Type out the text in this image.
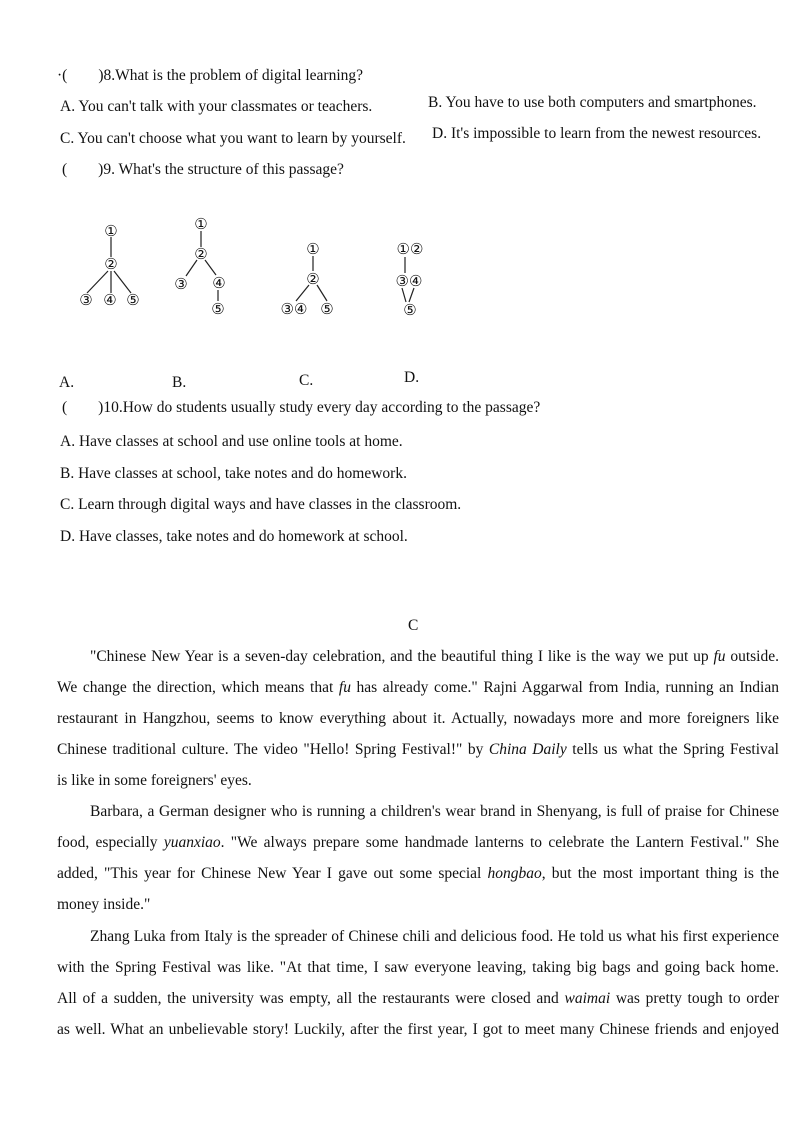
·(　　)8.What is the problem of digital learning?
A. You can't talk with your classmates or teachers.	B. You have to use both computers and smartphones.
C. You can't choose what you want to learn by yourself. D. It's impossible to learn from the newest resources.
(　　)9. What's the structure of this passage?
①
②
③ ④ ⑤
①
②
③ ④
⑤
①
②
③④ ⑤
①②
③④
⑤
A.	B.	C.	D.
(　　)10.How do students usually study every day according to the passage?
A. Have classes at school and use online tools at home.
B. Have classes at school, take notes and do homework.
C. Learn through digital ways and have classes in the classroom.
D. Have classes, take notes and do homework at school.
C
"Chinese New Year is a seven-day celebration, and the beautiful thing I like is the way we put up fu outside.
We change the direction, which means that fu has already come." Rajni Aggarwal from India, running an Indian
restaurant in Hangzhou, seems to know everything about it. Actually, nowadays more and more foreigners like
Chinese traditional culture. The video "Hello! Spring Festival!" by China Daily tells us what the Spring Festival
is like in some foreigners' eyes.
Barbara, a German designer who is running a children's wear brand in Shenyang, is full of praise for Chinese
food, especially yuanxiao. "We always prepare some handmade lanterns to celebrate the Lantern Festival." She
added, "This year for Chinese New Year I gave out some special hongbao, but the most important thing is the
money inside."
Zhang Luka from Italy is the spreader of Chinese chili and delicious food. He told us what his first experience
with the Spring Festival was like. "At that time, I saw everyone leaving, taking big bags and going back home.
All of a sudden, the university was empty, all the restaurants were closed and waimai was pretty tough to order
as well. What an unbelievable story! Luckily, after the first year, I got to meet many Chinese friends and enjoyed
